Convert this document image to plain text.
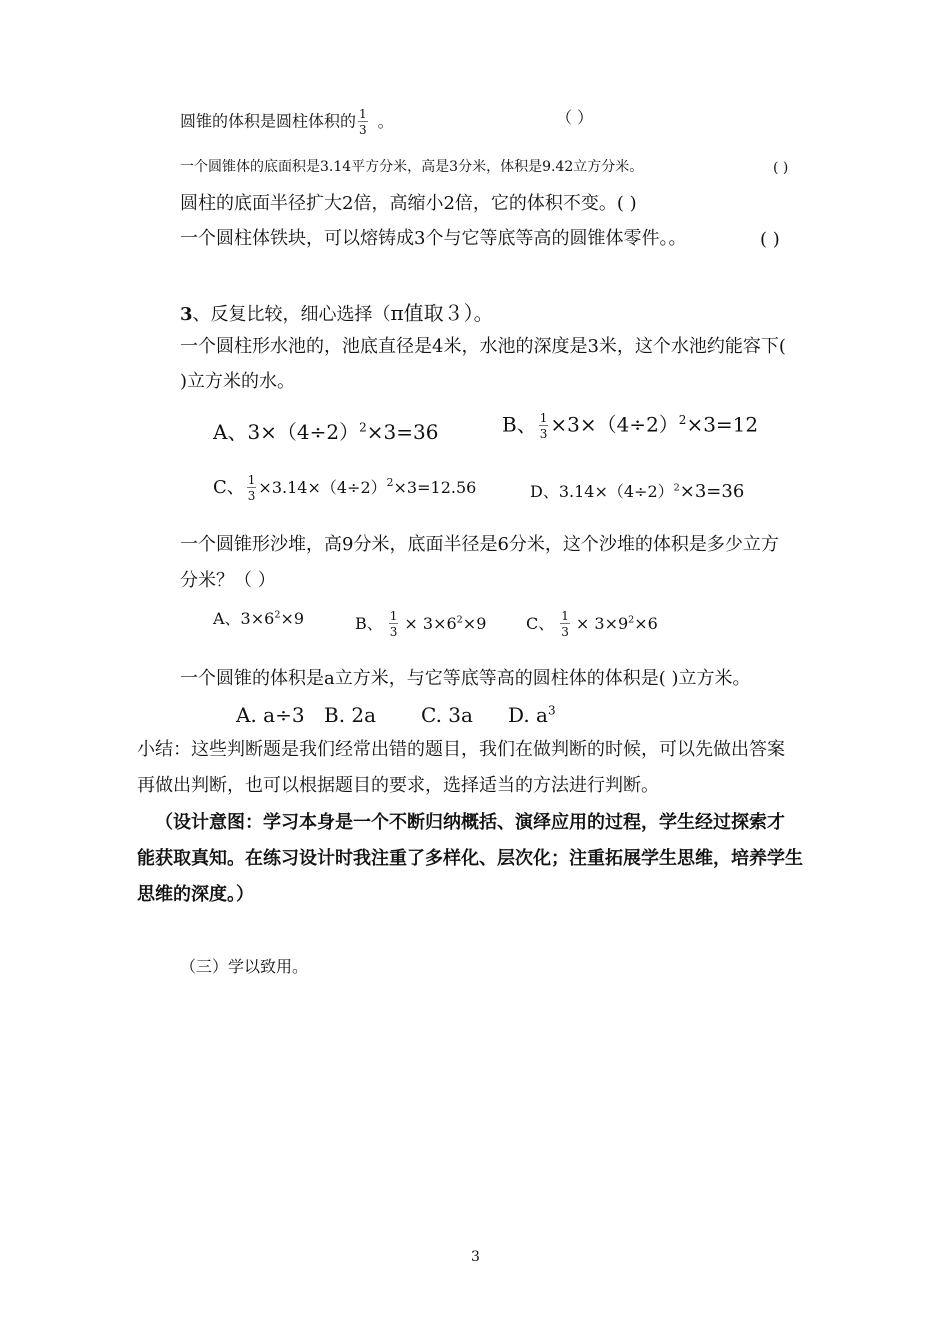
圆锥的体积是圆柱体积的 $\frac{1}{3}$ 。	（ ）
一个圆锥体的底面积是3.14平方分米，高是3分米，体积是9.42立方分米。	( )
圆柱的底面半径扩大2倍，高缩小2倍，它的体积不变。( )
一个圆柱体铁块，可以熔铸成3个与它等底等高的圆锥体零件。。	( )
3、反复比较，细心选择（π值取３）。
一个圆柱形水池的，池底直径是4米，水池的深度是3米，这个水池约能容下(
)立方米的水。
A、$3\times(4\div 2)^2\times 3=36$	B、 $\frac{1}{3} \times 3\times(4\div 2)^2\times 3=12$
C、 $\frac{1}{3} \times 3.14\times(4\div 2)^2\times 3=12.56$	D、$3.14\times(4\div 2)^2\times 3=36$
一个圆锥形沙堆，高9分米，底面半径是6分米，这个沙堆的体积是多少立方
分米？（ ）
A、$3\times 6^2\times 9$	B、 $\frac{1}{3} \times 3\times 6^2\times 9$ C、 $\frac{1}{3} \times 3\times 9^2\times 6$
一个圆锥的体积是a立方米，与它等底等高的圆柱体的体积是( )立方米。
A. a÷3 B. 2a C. 3a D. $a^3$
小结：这些判断题是我们经常出错的题目，我们在做判断的时候，可以先做出答案
再做出判断，也可以根据题目的要求，选择适当的方法进行判断。
（设计意图：学习本身是一个不断归纳概括、演绎应用的过程，学生经过探索才
能获取真知。在练习设计时我注重了多样化、层次化；注重拓展学生思维，培养学生
思维的深度。）
（三）学以致用。
3
